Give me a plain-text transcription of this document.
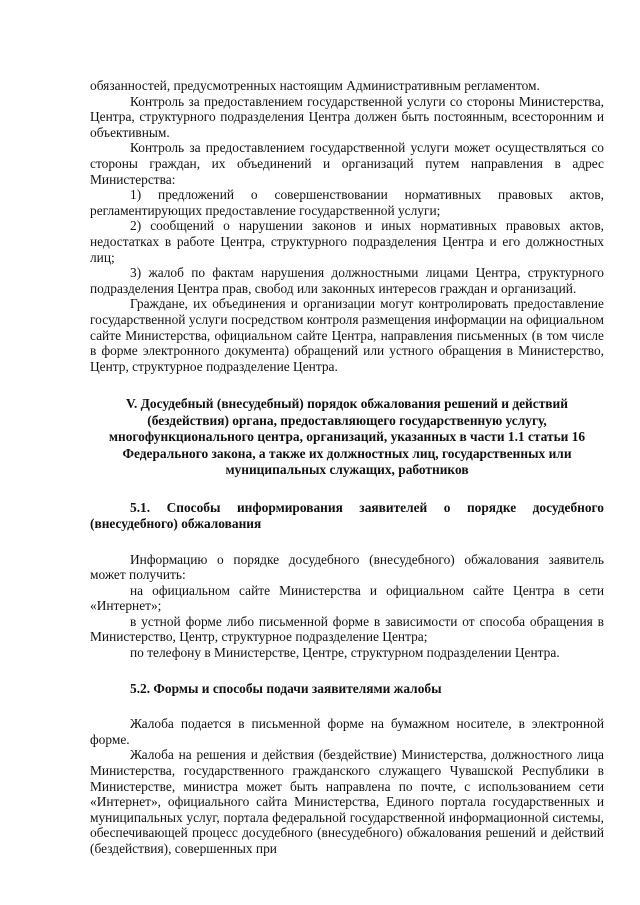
обязанностей, предусмотренных настоящим Административным регламентом.

Контроль за предоставлением государственной услуги со стороны Министерства, Центра, структурного подразделения Центра должен быть постоянным, всесторонним и объективным.

Контроль за предоставлением государственной услуги может осуществляться со стороны граждан, их объединений и организаций путем направления в адрес Министерства:

1) предложений о совершенствовании нормативных правовых актов, регламентирующих предоставление государственной услуги;

2) сообщений о нарушении законов и иных нормативных правовых актов, недостатках в работе Центра, структурного подразделения Центра и его должностных лиц;

3) жалоб по фактам нарушения должностными лицами Центра, структурного подразделения Центра прав, свобод или законных интересов граждан и организаций.

Граждане, их объединения и организации могут контролировать предоставление государственной услуги посредством контроля размещения информации на официальном сайте Министерства, официальном сайте Центра, направления письменных (в том числе в форме электронного документа) обращений или устного обращения в Министерство, Центр, структурное подразделение Центра.

V. Досудебный (внесудебный) порядок обжалования решений и действий (бездействия) органа, предоставляющего государственную услугу, многофункционального центра, организаций, указанных в части 1.1 статьи 16 Федерального закона, а также их должностных лиц, государственных или муниципальных служащих, работников

5.1. Способы информирования заявителей о порядке досудебного (внесудебного) обжалования

Информацию о порядке досудебного (внесудебного) обжалования заявитель может получить:

на официальном сайте Министерства и официальном сайте Центра в сети «Интернет»;

в устной форме либо письменной форме в зависимости от способа обращения в Министерство, Центр, структурное подразделение Центра;

по телефону в Министерстве, Центре, структурном подразделении Центра.

5.2. Формы и способы подачи заявителями жалобы

Жалоба подается в письменной форме на бумажном носителе, в электронной форме.

Жалоба на решения и действия (бездействие) Министерства, должностного лица Министерства, государственного гражданского служащего Чувашской Республики в Министерстве, министра может быть направлена по почте, с использованием сети «Интернет», официального сайта Министерства, Единого портала государственных и муниципальных услуг, портала федеральной государственной информационной системы, обеспечивающей процесс досудебного (внесудебного) обжалования решений и действий (бездействия), совершенных при
